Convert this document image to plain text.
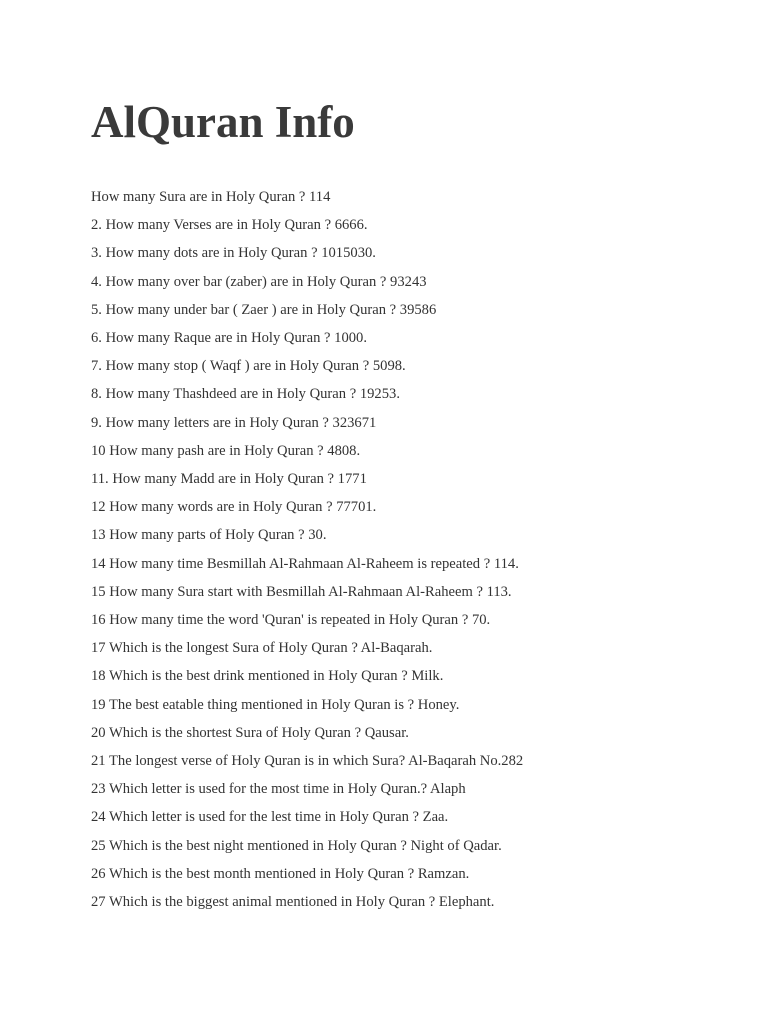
AlQuran Info
How many Sura are in Holy Quran ? 114
2. How many Verses are in Holy Quran ? 6666.
3. How many dots are in Holy Quran ? 1015030.
4. How many over bar (zaber) are in Holy Quran ? 93243
5. How many under bar ( Zaer ) are in Holy Quran ? 39586
6. How many Raque are in Holy Quran ? 1000.
7. How many stop ( Waqf ) are in Holy Quran ? 5098.
8. How many Thashdeed are in Holy Quran ? 19253.
9. How many letters are in Holy Quran ? 323671
10 How many pash are in Holy Quran ? 4808.
11. How many Madd are in Holy Quran ? 1771
12 How many words are in Holy Quran ? 77701.
13 How many parts of Holy Quran ? 30.
14 How many time Besmillah Al-Rahmaan Al-Raheem is repeated ? 114.
15 How many Sura start with Besmillah Al-Rahmaan Al-Raheem ? 113.
16 How many time the word 'Quran' is repeated in Holy Quran ? 70.
17 Which is the longest Sura of Holy Quran ? Al-Baqarah.
18 Which is the best drink mentioned in Holy Quran ? Milk.
19 The best eatable thing mentioned in Holy Quran is ? Honey.
20 Which is the shortest Sura of Holy Quran ? Qausar.
21 The longest verse of Holy Quran is in which Sura? Al-Baqarah No.282
23 Which letter is used for the most time in Holy Quran.? Alaph
24 Which letter is used for the lest time in Holy Quran ? Zaa.
25 Which is the best night mentioned in Holy Quran ? Night of Qadar.
26 Which is the best month mentioned in Holy Quran ? Ramzan.
27 Which is the biggest animal mentioned in Holy Quran ? Elephant.
